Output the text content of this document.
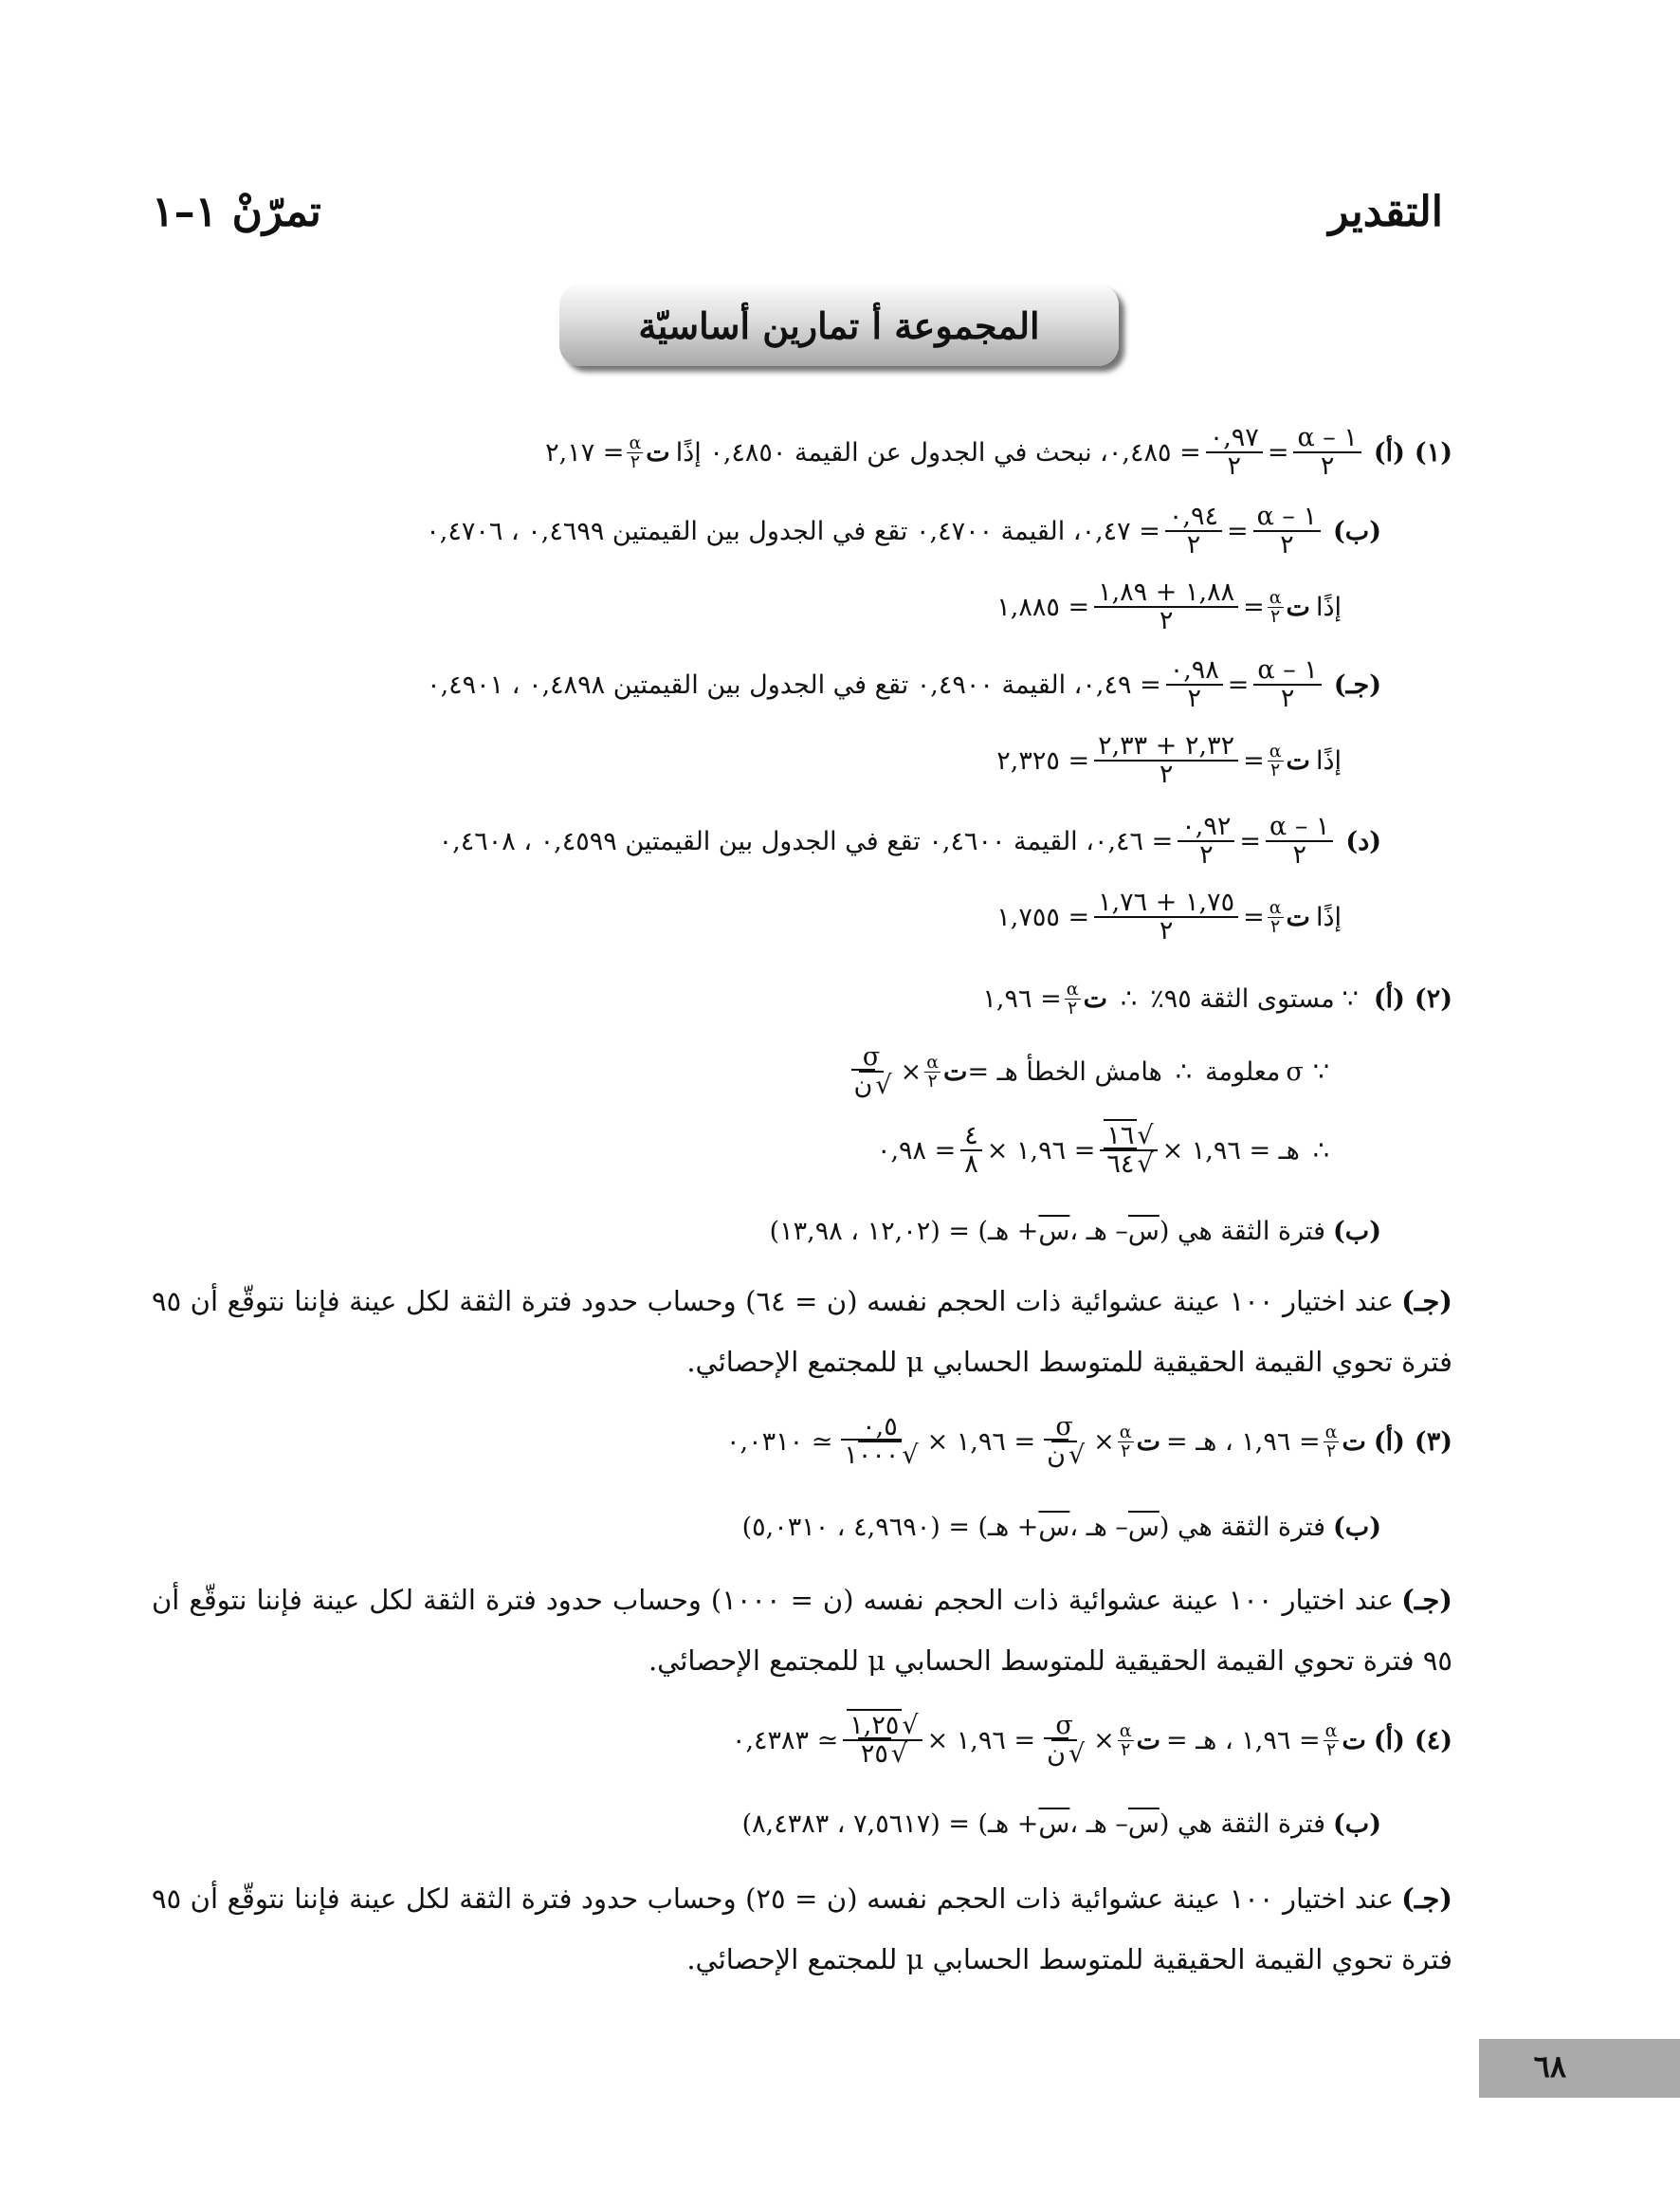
التقدير
تمرّنْ ١–١
المجموعة أ تمارين أساسيّة
(١)
(أ)
١ – α
٢
=
٠,٩٧
٢
= ٠,٤٨٥، نبحث في الجدول عن القيمة ٠,٤٨٥٠ إذًا
ت
α
٢
= ٢,١٧
(ب)
١ – α
٢
=
٠,٩٤
٢
= ٠,٤٧، القيمة ٠,٤٧٠٠ تقع في الجدول بين القيمتين ٠,٤٦٩٩ ، ٠,٤٧٠٦
إذًا
ت
α
٢
=
١,٨٨ + ١,٨٩
٢
= ١,٨٨٥
(جـ)
١ – α
٢
=
٠,٩٨
٢
= ٠,٤٩، القيمة ٠,٤٩٠٠ تقع في الجدول بين القيمتين ٠,٤٨٩٨ ، ٠,٤٩٠١
إذًا
ت
α
٢
=
٢,٣٢ + ٢,٣٣
٢
= ٢,٣٢٥
(د)
١ – α
٢
=
٠,٩٢
٢
= ٠,٤٦، القيمة ٠,٤٦٠٠ تقع في الجدول بين القيمتين ٠,٤٥٩٩ ، ٠,٤٦٠٨
إذًا
ت
α
٢
=
١,٧٥ + ١,٧٦
٢
= ١,٧٥٥
(٢)
(أ)
∵
مستوى الثقة ٩٥٪
∴
ت
α
٢
= ١,٩٦
∵
σ
معلومة
∴
هامش الخطأ هـ =
ت
α
٢
×
σ
√ن
∴
هـ = ١,٩٦ ×
√١٦
√٦٤
= ١,٩٦ ×
٤
٨
= ٠,٩٨
(ب)
فترة الثقة هي (
س
– هـ ،
س
+ هـ) = (١٢,٠٢ ، ١٣,٩٨)
(جـ)عند اختيار ١٠٠ عينة عشوائية ذات الحجم نفسه (ن = ٦٤) وحساب حدود فترة الثقة لكل عينة فإننا نتوقّع أن ٩٥ فترة تحوي القيمة الحقيقية للمتوسط الحسابي μ للمجتمع الإحصائي.
(٣)
(أ)
ت
α
٢
= ١,٩٦ ، هـ =
ت
α
٢
×
σ
√ن
= ١,٩٦ ×
٠,٥
√١٠٠٠
≃ ٠,٠٣١٠
(ب)
فترة الثقة هي (
س
– هـ ،
س
+ هـ) = (٤,٩٦٩٠ ، ٥,٠٣١٠)
(جـ)عند اختيار ١٠٠ عينة عشوائية ذات الحجم نفسه (ن = ١٠٠٠) وحساب حدود فترة الثقة لكل عينة فإننا نتوقّع أن ٩٥ فترة تحوي القيمة الحقيقية للمتوسط الحسابي μ للمجتمع الإحصائي.
(٤)
(أ)
ت
α
٢
= ١,٩٦ ، هـ =
ت
α
٢
×
σ
√ن
= ١,٩٦ ×
√١,٢٥
√٢٥
≃ ٠,٤٣٨٣
(ب)
فترة الثقة هي (
س
– هـ ،
س
+ هـ) = (٧,٥٦١٧ ، ٨,٤٣٨٣)
(جـ)عند اختيار ١٠٠ عينة عشوائية ذات الحجم نفسه (ن = ٢٥) وحساب حدود فترة الثقة لكل عينة فإننا نتوقّع أن ٩٥ فترة تحوي القيمة الحقيقية للمتوسط الحسابي μ للمجتمع الإحصائي.
٦٨
